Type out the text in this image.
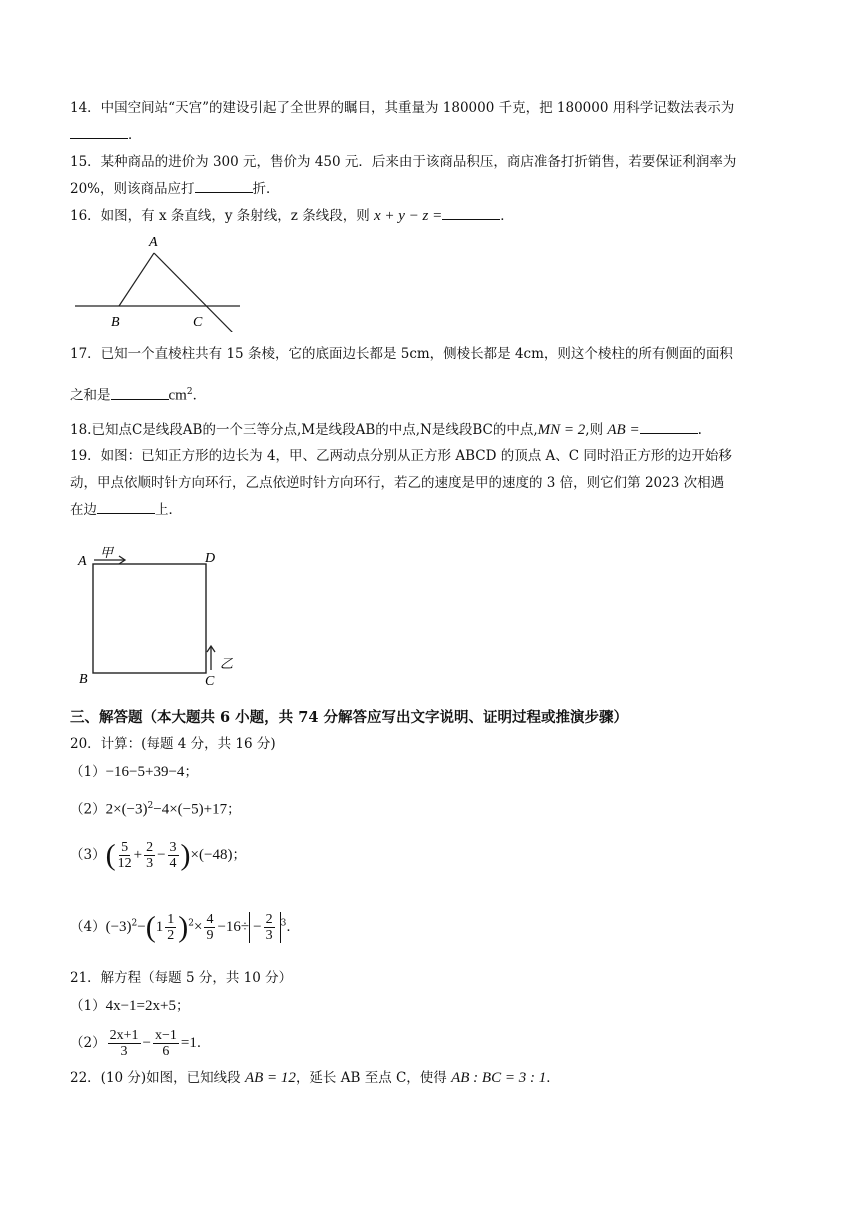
14．中国空间站“天宫”的建设引起了全世界的瞩目，其重量为 180000 千克，把 180000 用科学记数法表示为
．
15．某种商品的进价为 300 元，售价为 450 元．后来由于该商品积压，商店准备打折销售，若要保证利润率为
20%，则该商品应打	折．
16．如图，有 x 条直线，y 条射线，z 条线段，则 x + y − z =	．
A
B	C
17．已知一个直棱柱共有 15 条棱，它的底面边长都是 5cm，侧棱长都是 4cm，则这个棱柱的所有侧面的面积
之和是	$cm^2$．
18.已知点C是线段AB的一个三等分点,M是线段AB的中点,N是线段BC的中点,MN = 2,则 AB =	.
19．如图：已知正方形的边长为 4，甲、乙两动点分别从正方形 ABCD 的顶点 A、C 同时沿正方形的边开始移
动，甲点依顺时针方向环行，乙点依逆时针方向环行，若乙的速度是甲的速度的 3 倍，则它们第 2023 次相遇
在边	上．
A	D
B	C
甲
乙
三、解答题（本大题共 6 小题，共 74 分解答应写出文字说明、证明过程或推演步骤）
20．计算：(每题 4 分，共 16 分)
（1）−16−5+39−4；
$(2)2\times(-3)^2-4\times(-5)+17$；
$(3)( \frac{5}{12} + \frac{2}{3} - \frac{3}{4} )\times(-48)$；
$(4)(-3)^2-(1 \frac{1}{2} )^2\times \frac{4}{9} -16\div - \frac{2}{3} ^3$．
21．解方程（每题 5 分，共 10 分）
（1）4x−1=2x+5；
$(2) \frac{2x+1}{3} - \frac{x-1}{6} =1$．
22．(10 分)如图，已知线段 AB = 12，延长 AB 至点 C，使得 AB : BC = 3 : 1．
